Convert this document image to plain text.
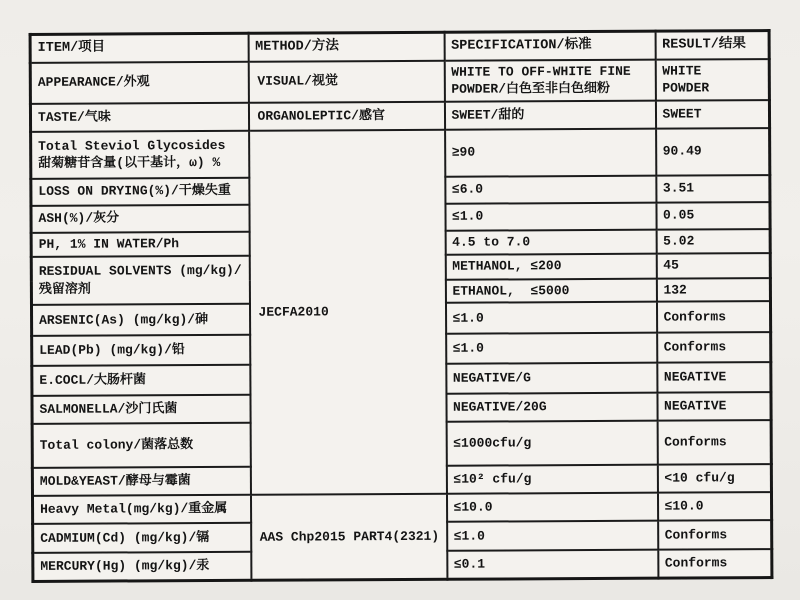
ITEM/项目	METHOD/方法	SPECIFICATION/标准	RESULT/结果
APPEARANCE/外观	VISUAL/视觉	WHITE TO OFF-WHITE FINE POWDER/白色至非白色细粉	WHITE  POWDER
TASTE/气味	ORGANOLEPTIC/感官	SWEET/甜的	SWEET
Total Steviol Glycosides
甜菊糖苷含量(以干基计，ω) %	JECFA2010	≥90	90.49
LOSS ON DRYING(%)/干燥失重		≤6.0	3.51
ASH(%)/灰分		≤1.0	0.05
PH, 1% IN WATER/Ph		4.5 to 7.0	5.02
RESIDUAL SOLVENTS (mg/kg)/残留溶剂		METHANOL, ≤200	45
		ETHANOL,  ≤5000	132
ARSENIC(As) (mg/kg)/砷		≤1.0	Conforms
LEAD(Pb) (mg/kg)/铅		≤1.0	Conforms
E.COCL/大肠杆菌		NEGATIVE/G	NEGATIVE
SALMONELLA/沙门氏菌		NEGATIVE/20G	NEGATIVE
Total colony/菌落总数		≤1000cfu/g	Conforms
MOLD&YEAST/酵母与霉菌		≤10² cfu/g	<10 cfu/g
Heavy Metal(mg/kg)/重金属	AAS Chp2015 PART4(2321)	≤10.0	≤10.0
CADMIUM(Cd) (mg/kg)/镉		≤1.0	Conforms
MERCURY(Hg) (mg/kg)/汞		≤0.1	Conforms
